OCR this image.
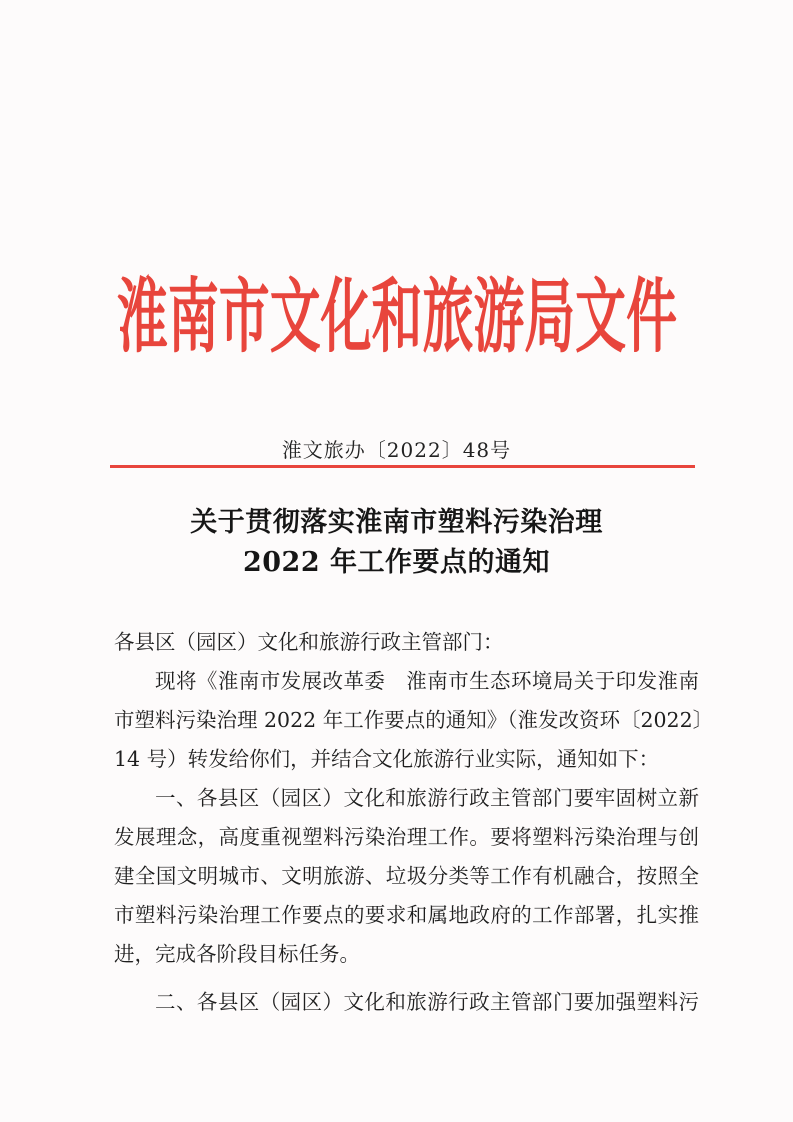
淮南市文化和旅游局文件
淮文旅办〔2022〕48号
关于贯彻落实淮南市塑料污染治理
2022 年工作要点的通知
各县区（园区）文化和旅游行政主管部门：
现将《淮南市发展改革委　淮南市生态环境局关于印发淮南
市塑料污染治理 2022 年工作要点的通知》（淮发改资环〔2022〕
14 号）转发给你们，并结合文化旅游行业实际，通知如下：
一、各县区（园区）文化和旅游行政主管部门要牢固树立新
发展理念，高度重视塑料污染治理工作。要将塑料污染治理与创
建全国文明城市、文明旅游、垃圾分类等工作有机融合，按照全
市塑料污染治理工作要点的要求和属地政府的工作部署，扎实推
进，完成各阶段目标任务。
二、各县区（园区）文化和旅游行政主管部门要加强塑料污
